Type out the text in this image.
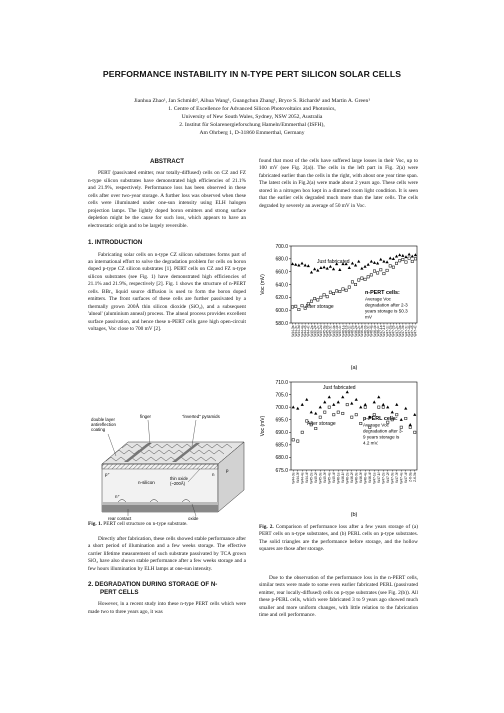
PERFORMANCE INSTABILITY IN N-TYPE PERT SILICON SOLAR CELLS
Jianhua Zhao¹, Jan Schmidt², Aihua Wang¹, Guangchun Zhang¹, Bryce S. Richards¹ and Martin A. Green¹
1. Centre of Excellence for Advanced Silicon Photovoltaics and Photonics,
University of New South Wales, Sydney, NSW 2052, Australia
2. Institut für Solarenergieforschung Hameln/Emmerthal (ISFH),
Am Ohrberg 1, D-31860 Emmerthal, Germany
ABSTRACT

PERT (passivated emitter, rear totally-diffused) cells on CZ and FZ n-type silicon substrates have demonstrated high efficiencies of 21.1% and 21.9%, respectively. Performance loss has been observed in these cells after over two-year storage. A further loss was observed when these cells were illuminated under one-sun intensity using ELH halogen projection lamps. The lightly doped boron emitters and strong surface depletion might be the cause for such loss, which appears to have an electrostatic origin and to be largely reversible.

1. INTRODUCTION

Fabricating solar cells on n-type CZ silicon substrates forms part of an international effort to solve the degradation problem for cells on boron doped p-type CZ silicon substrates [1]. PERT cells on CZ and FZ n-type silicon substrates (see Fig. 1) have demonstrated high efficiencies of 21.1% and 21.9%, respectively [2]. Fig. 1 shows the structure of n-PERT cells. BBr₃ liquid source diffusion is used to form the boron doped emitters. The front surfaces of these cells are further passivated by a thermally grown 200Å thin silicon dioxide (SiO₂), and a subsequent 'alneal' (aluminium anneal) process. The alneal process provides excellent surface passivation, and hence these n-PERT cells gave high open-circuit voltages, Voc close to 700 mV [2].

double layer antireflection coating
finger	"inverted" pyramids
p⁺
n-silicon
thin oxide (~200Å)
n⁺
n
p
rear contact	oxide
Fig. 1. PERT cell structure on n-type substrate.

Directly after fabrication, these cells showed stable performance after a short period of illumination and a few weeks storage. The effective carrier lifetime measurement of such substrate passivated by TCA grown SiO₂ have also shown stable performance after a few weeks storage and a few hours illumination by ELH lamps at one-sun intensity.

2. DEGRADATION DURING STORAGE OF N-
PERT CELLS

However, in a recent study into these n-type PERT cells which were made two to three years ago, it was

found that most of the cells have suffered large losses in their Voc, up to 100 mV (see Fig. 2(a)). The cells in the left part in Fig. 2(a) were fabricated earlier than the cells in the right, with about one year time span. The latest cells in Fig.2(a) were made about 2 years ago. These cells were stored in a nitrogen box kept in a dimmed room light condition. It is seen that the earlier cells degraded much more than the later cells. The cells degraded by severely an average of 50 mV in Voc.

580.0
600.0
620.0
640.0
660.0
680.0
700.0
Voc (mV)
W44-3a W44-3c W44-3d W44-4a W44-4b W44-4c W45-2a W45-2b W45-2c W45-2d W45-3a W45-3b W45-3c W45-4a W45-4b W45-4c W46-1a W46-1b W46-1c W46-2a W46-2b W46-2c W46-3a W46-3b W46-3c W46-4a W46-4b W46-4c W47-1a W47-1b W47-1c W47-2a W47-2b W47-2c W47-3a W47-3b W47-3c W47-4a W47-4b W47-4c
Just fabricated
After storage
n-PERT cells:
Average Voc
degradation after 2-3
years storage is 50.3
mV
(a)
675.0
680.0
685.0
690.0
695.0
700.0
705.0
710.0
Voc (mV)
W44-3e W44-3f W44-4e W44-4f W45-2e W45-2f W45-3e W45-3f W45-4e W45-4f W46-1e W46-1f W46-2e W46-2f W46-3e W46-3f W46-4e W46-4f W47-1e W47-1f W47-2e W47-2f W47-3e W47-3f W47-4e W47-4f Z-6-3a Z-6-3b
Just fabricated
After storage
p-PERL cells:
Average Voc
degradation after 3-
9 years storage is
4.2 mV.
(b)
Fig. 2. Comparison of performance loss after a few years storage of (a) PERT cells on n-type substrates, and (b) PERL cells on p-type substrates. The solid triangles are the performance before storage, and the hollow squares are those after storage.

Due to the observation of the performance loss in the n-PERT cells, similar tests were made to some even earlier fabricated PERL (passivated emitter, rear locally-diffused) cells on p-type substrates (see Fig. 2(b)). All these p-PERL cells, which were fabricated 3 to 9 years ago showed much smaller and more uniform changes, with little relation to the fabrication time and cell performance.
